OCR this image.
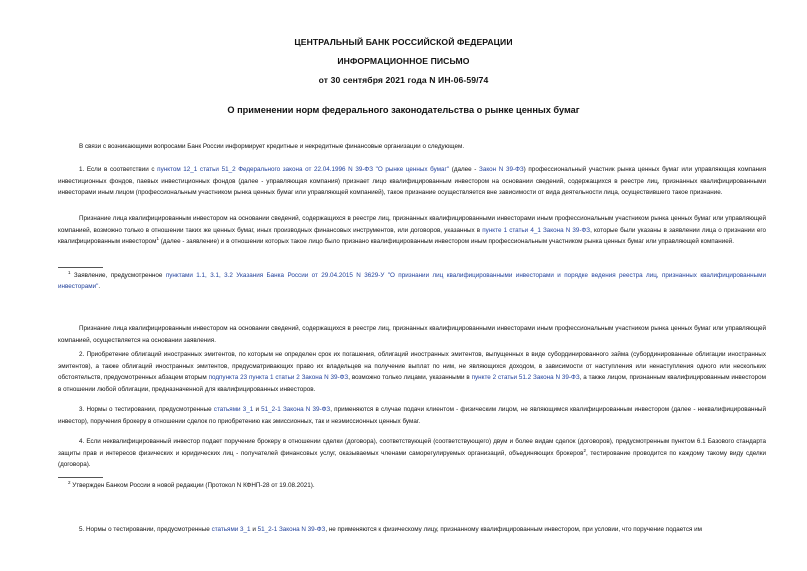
ЦЕНТРАЛЬНЫЙ БАНК РОССИЙСКОЙ ФЕДЕРАЦИИ
ИНФОРМАЦИОННОЕ ПИСЬМО
от 30 сентября 2021 года N ИН-06-59/74
О применении норм федерального законодательства о рынке ценных бумаг
В связи с возникающими вопросами Банк России информирует кредитные и некредитные финансовые организации о следующем.
1. Если в соответствии с пунктом 12_1 статьи 51_2 Федерального закона от 22.04.1996 N 39-ФЗ "О рынке ценных бумаг" (далее - Закон N 39-ФЗ) профессиональный участник рынка ценных бумаг или управляющая компания инвестиционных фондов, паевых инвестиционных фондов (далее - управляющая компания) признает лицо квалифицированным инвестором на основании сведений, содержащихся в реестре лиц, признанных квалифицированными инвесторами иным лицом (профессиональным участником рынка ценных бумаг или управляющей компанией), такое признание осуществляется вне зависимости от вида деятельности лица, осуществившего такое признание.
Признание лица квалифицированным инвестором на основании сведений, содержащихся в реестре лиц, признанных квалифицированными инвесторами иным профессиональным участником рынка ценных бумаг или управляющей компанией, возможно только в отношении таких же ценных бумаг, иных производных финансовых инструментов, или договоров, указанных в пункте 1 статьи 4_1 Закона N 39-ФЗ, которые были указаны в заявлении лица о признании его квалифицированным инвестором$^1$ (далее - заявление) и в отношении которых такое лицо было признано квалифицированным инвестором иным профессиональным участником рынка ценных бумаг или управляющей компанией.
$^1$ Заявление, предусмотренное пунктами 1.1, 3.1, 3.2 Указания Банка России от 29.04.2015 N 3629-У "О признании лиц квалифицированными инвесторами и порядке ведения реестра лиц, признанных квалифицированными инвесторами".
Признание лица квалифицированным инвестором на основании сведений, содержащихся в реестре лиц, признанных квалифицированными инвесторами иным профессиональным участником рынка ценных бумаг или управляющей компанией, осуществляется на основании заявления.
2. Приобретение облигаций иностранных эмитентов, по которым не определен срок их погашения, облигаций иностранных эмитентов, выпущенных в виде субординированного займа (субординированные облигации иностранных эмитентов), а также облигаций иностранных эмитентов, предусматривающих право их владельцев на получение выплат по ним, не являющихся доходом, в зависимости от наступления или ненаступления одного или нескольких обстоятельств, предусмотренных абзацем вторым подпункта 23 пункта 1 статьи 2 Закона N 39-ФЗ, возможно только лицами, указанными в пункте 2 статьи 51.2 Закона N 39-ФЗ, а также лицом, признанным квалифицированным инвестором в отношении любой облигации, предназначенной для квалифицированных инвесторов.
3. Нормы о тестировании, предусмотренные статьями 3_1 и 51_2-1 Закона N 39-ФЗ, применяются в случае подачи клиентом - физическим лицом, не являющимся квалифицированным инвестором (далее - неквалифицированный инвестор), поручения брокеру в отношении сделок по приобретению как эмиссионных, так и неэмиссионных ценных бумаг.
4. Если неквалифицированный инвестор подает поручение брокеру в отношении сделки (договора), соответствующей (соответствующего) двум и более видам сделок (договоров), предусмотренным пунктом 6.1 Базового стандарта защиты прав и интересов физических и юридических лиц - получателей финансовых услуг, оказываемых членами саморегулируемых организаций, объединяющих брокеров$^2$, тестирование проводится по каждому такому виду сделки (договора).
$^2$ Утвержден Банком России в новой редакции (Протокол N КФНП-28 от 19.08.2021).
5. Нормы о тестировании, предусмотренные статьями 3_1 и 51_2-1 Закона N 39-ФЗ, не применяются к физическому лицу, признанному квалифицированным инвестором, при условии, что поручение подается им
